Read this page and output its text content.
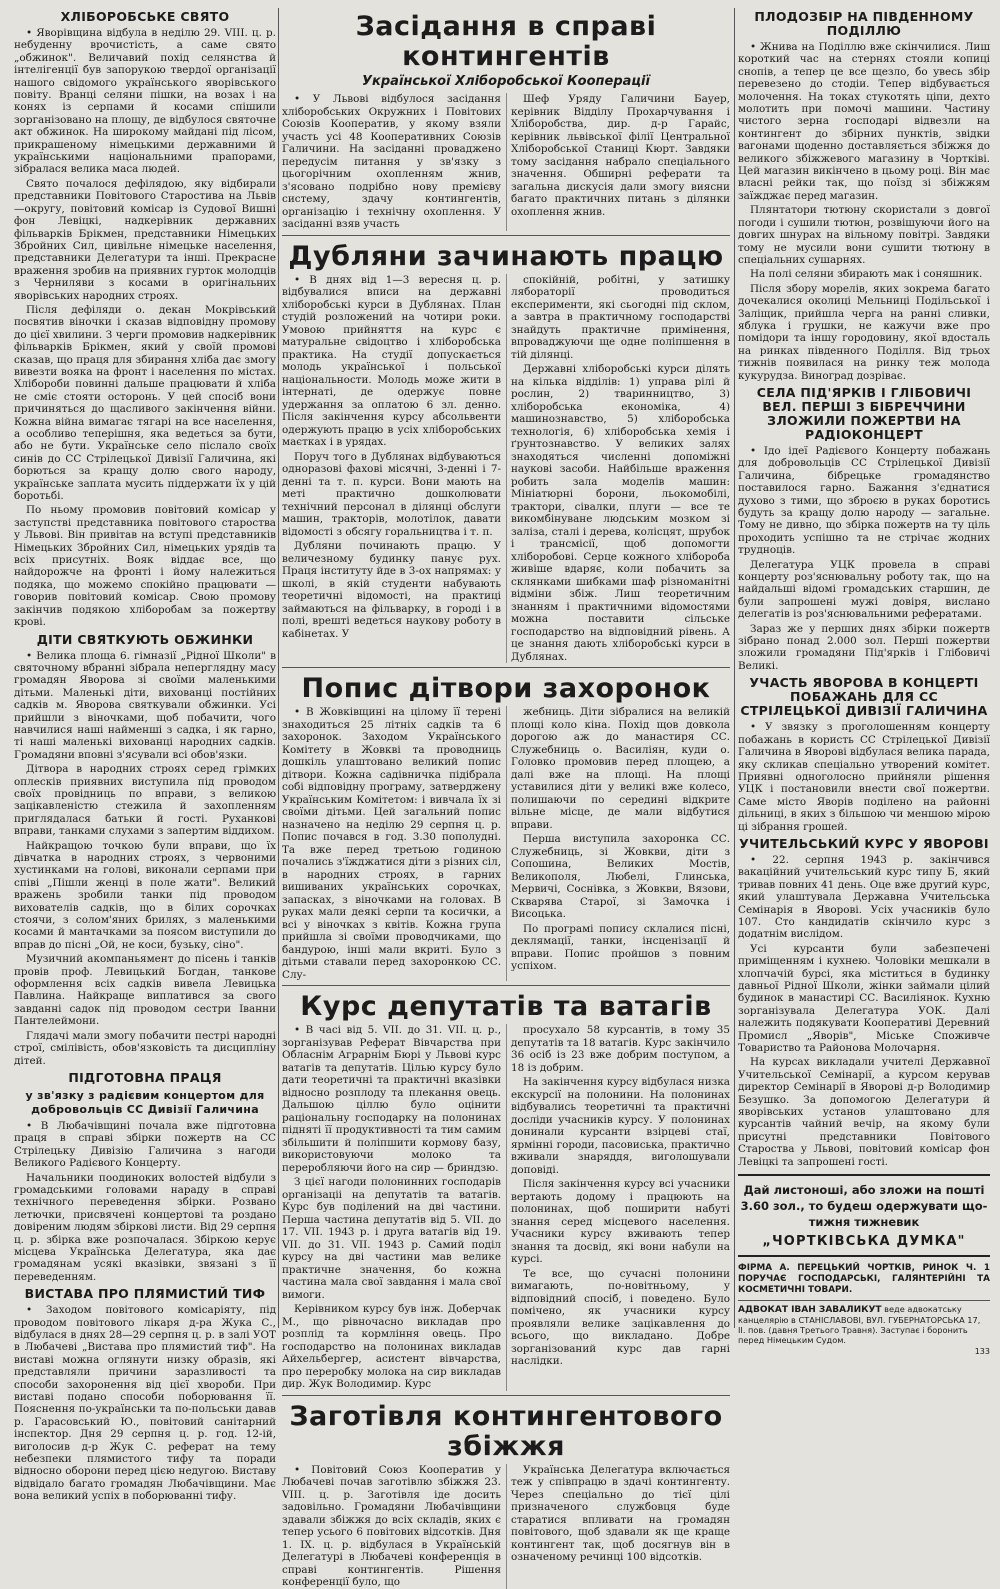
ХЛІБОРОБСЬКЕ СВЯТО

• Яворівщина відбула в неділю 29. VIII. ц. р. небуденну врочистість, а саме свято „обжинок". Величавий похід селянства й інтелігенції був запорукою твердої організації нашого свідомого українського яворівського повіту. Вранці селяни пішки, на возах і на конях із серпами й косами спішили зорганізовано на площу, де відбулося святочне акт обжинок. На широкому майдані під лісом, прикрашеному німецькими державними й українськими національними прапорами, зібралася велика маса людей.

Свято почалося дефілядою, яку відбирали представники Повітового Старостива на Львів—округу, повітовий комісар із Судової Вишні фон Левіцкі, надкерівник державних фільварків Брікмен, представники Німецьких Збройних Сил, цивільне німецьке населення, представники Делегатури та інші. Прекрасне враження зробив на приявних гурток молодців з Черниляви з косами в оригінальних яворівських народних строях.

Після дефіляди о. декан Мокрівський посвятив віночки і сказав відповідну промову до цієї хвилини. З черги промовив надкерівник фільварків Брікмен, який у своїй промові сказав, що праця для збирання хліба дає змогу вивезти вояка на фронт і населення по містах. Хлібороби повинні дальше працювати й хліба не сміє стояти осторонь. У цей спосіб вони причиняться до щасливого закінчення війни. Кожна війна вимагає тягарі на все населення, а особливо теперішня, яка ведеться за бути, або не бути. Українське село післало своїх синів до СС Стрілецької Дивізії Галичина, які борються за кращу долю свого народу, українське заплата мусить піддержати їх у цій боротьбі.

По ньому промовив повітовий комісар у заступстві представника повітового староства у Львові. Він привітав на вступі представників Німецьких Збройних Сил, німецьких урядів та всіх присутніх. Вояк віддає все, що найдорожче на фронті і йому належиться подяка, що можемо спокійно працювати — говорив повітовий комісар. Свою промову закінчив подякою хліборобам за пожертву крові.

ДІТИ СВЯТКУЮТЬ ОБЖИНКИ

• Велика площа 6. гімназії „Рідної Школи" в святочному вбранні зібрала неперглядну масу громадян Яворова зі своїми маленькими дітьми. Маленькі діти, вихованці постійних садків м. Яворова святкували обжинки. Усі прийшли з віночками, щоб побачити, чого навчилися наші найменші з садка, і як гарно, ті наші маленькі вихованці народних садків. Громадяни вповні з'ясували всі обов'язки.

Дітвора в народних строях серед грімких оплесків приявних виступила під проводом своїх провідниць по вправи, з великою зацікавленістю стежила й захопленням приглядалася батьки й гості. Руханкові вправи, танками слухами з запертим віддихом.

Найкращою точкою були вправи, що їх дівчатка в народних строях, з червоними хустинками на голові, виконали серпами при співі „Пішли женці в поле жати". Великий вражень зробили танки під проводом вихователів садків, що в білих сорочках стоячи, з солом'яних брилях, з маленькими косами й мантачками за поясом виступили до вправ до пісні „Ой, не коси, бузьку, сіно".

Музичний акомпаньямент до пісень і танків провів проф. Левицький Богдан, танкове оформлення всіх садків вивела Левицька Павлина. Найкраще виплатився за свого завданні садок під проводом сестри Іванни Пантелеймони.

Глядачі мали змогу побачити пестрі народні строї, смілівість, обов'язковість та дисципліну дітей.

ПІДГОТОВНА ПРАЦЯ
у зв'язку з радієвим концертом для добровольців СС Дивізії Галичина

• В Любачівщині почала вже підготовна праця в справі збірки пожертв на СС Стрілецьку Дивізію Галичина з нагоди Великого Радієвого Концерту.

Начальники поодиноких волостей відбули з громадськими головами нараду в справі технічного переведення збірки. Розвано летючки, присвячені концертові та роздано довіреним людям збіркові листи. Від 29 серпня ц. р. збірка вже розпочалася. Збіркою керує місцева Українська Делегатура, яка дає громадянам усякі вказівки, звязані з її переведенням.

ВИСТАВА ПРО ПЛЯМИСТИЙ ТИФ

• Заходом повітового комісаріяту, під проводом повітового лікаря д-ра Жука С., відбулася в днях 28—29 серпня ц. р. в залі УОТ в Любачеві „Вистава про плямистий тиф". На виставі можна оглянути низку образів, які представляли причини заразливості та способи захоронення від цієї хвороби. При виставі подано способи поборювання її. Пояснення по-українськи та по-польськи давав р. Гарасовський Ю., повітовий санітарний інспектор. Дня 29 серпня ц. р. год. 12-ій, виголосив д-р Жук С. реферат на тему небезпеки плямистого тифу та поради відносно оборони перед цією недугою. Виставу відвідало багато громадян Любачівщини. Має вона великий успіх в поборюванні тифу.

Засідання в справі контингентів
Української Хліборобської Кооперації

• У Львові відбулося засідання хліборобських Окружних і Повітових Союзів Кооператив, у якому взяли участь усі 48 Кооперативних Союзів Галичини. На засіданні проваджено передусім питання у зв'язку з цьогорічним охопленням жнив, з'ясовано подрібно нову премієву систему, здачу контингентів, організацію і технічну охоплення. У засіданні взяв участь

Шеф Уряду Галичини Бауер, керівник Відділу Прохарчування і Хліборобства, дир. д-р Гарайс, керівник львівської філії Центральної Хліборобської Станиці Кюрт. Завдяки тому засідання набрало спеціального значення. Обширні реферати та загальна дискусія дали змогу виясни багато практичних питань з ділянки охоплення жнив.

Дубляни зачинають працю

• В днях від 1—3 вересня ц. р. відбувалися вписи на державні хліборобські курси в Дублянах. План студій розложений на чотири роки. Умовою прийняття на курс є матуральне свідоцтво і хліборобська практика. На студії допускається молодь української і польської національности. Молодь може жити в інтернаті, де одержує повне удержання за оплатою 6 зл. денно. Після закінчення курсу абсольвенти одержують працю в усіх хліборобських маєтках і в урядах.

Поруч того в Дублянах відбуваються одноразові фахові місячні, 3-денні і 7-денні та т. п. курси. Вони мають на меті практично дошколювати технічний персонал в ділянці обслуги машин, тракторів, молотілок, давати відомості з обсягу горальництва і т. п.

Дубляни починають працю. У величезному будинку панує рух. Праця інституту йде в 3-ох напрямах: у школі, в якій студенти набувають теоретичні відомості, на практиці займаються на фільварку, в городі і в полі, врешті ведеться наукову роботу в кабінетах. У

спокійній, робітні, у затишку лябораторії проводиться експерименти, які сьогодні під склом, а завтра в практичному господарстві знайдуть практичне примінення, впроваджуючи ще одне поліпшення в тій ділянці.

Державні хліборобські курси ділять на кілька відділів: 1) управа рілі й рослин, 2) тваринництво, 3) хліборобська економіка, 4) машинознавство, 5) хліборобська технологія, 6) хліборобська хемія і ґрунтознавство. У великих залях знаходяться численні допоміжні наукові засоби. Найбільше враження робить зала моделів машин: Мініатюрні борони, льокомобілі, трактори, сівалки, плуги — все те викомбінуване людським мозком зі заліза, сталі і дерева, колісцят, шрубок і трансмісії, щоб допомогти хліборобові. Серце кожного хлібороба живіше вдаряє, коли побачить за склянками шибками шаф різноманітні відміни збіж. Лиш теоретичним знанням і практичними відомостями можна поставити сільське господарство на відповідний рівень. А це знання дають хліборобські курси в Дублянах.

Попис дітвори захоронок

• В Жовківщині на цілому її терені знаходиться 25 літніх садків та 6 захоронок. Заходом Українського Комітету в Жовкві та проводниць дошкіль улаштовано великий попис дітвори. Кожна садівничка підібрала собі відповідну програму, затверджену Українським Комітетом: і вивчала їх зі своїми дітьми. Цей загальний попис назначено на неділю 29 серпня ц. р. Попис почався в год. 3.30 пополудні. Та вже перед третьою годиною почались з'їжджатися діти з різних сіл, в народних строях, в гарних вишиваних українських сорочках, запасках, з віночками на головах. В руках мали деякі серпи та косички, а всі у віночках з квітів. Кожна група прийшла зі своїми проводчиками, що бандурою, інші мали вкриті. Було з дітьми ставали перед захоронкою СС. Слу-

жебниць. Діти зібралися на великій площі коло кіна. Похід щов довкола дорогою аж до манастиря СС. Служебниць о. Василіян, куди о. Головко промовив перед площею, а далі вже на площі. На площі уставилися діти у великі вже колесо, полишаючи по середині відкрите вільне місце, де мали відбутися вправи.

Перша виступила захоронка СС. Служебниць, зі Жовкви, діти з Сопошина, Великих Мостів, Великополя, Любелі, Глинська, Мервичі, Соснівка, з Жовкви, Вязови, Скварява Старої, зі Замочка і Висоцька.

По програмі попису склалися пісні, деклямації, танки, інсценізації й вправи. Попис пройшов з повним успіхом.

Курс депутатів та ватагів

• В часі від 5. VII. до 31. VII. ц. р., зорганізував Реферат Вівчарства при Обласнім Аграрнім Бюрі у Львові курс ватагів та депутатів. Цілью курсу було дати теоретичні та практичні вказівки відносно розплоду та плекання овець. Дальшою ціллю було оцінити раціональну господарку на полонинах підняті її продуктивності та тим самим збільшити й поліпшити кормову базу, використовуючи молоко та переробляючи його на сир — бриндзю.

З цієї нагоди полонинних господарів організаціі на депутатів та ватагів. Курс був поділений на дві частини. Перша частина депутатів від 5. VII. до 17. VII. 1943 р. і друга ватагів від 19. VII. до 31. VII. 1943 р. Самий поділ курсу на дві частини мав велике практичне значення, бо кожна частина мала свої завдання і мала свої вимоги.

Керівником курсу був інж. Доберчак М., що рівночасно викладав про розплід та кормління овець. Про господарство на полонинах викладав Айхельбергер, асистент вівчарства, про переробку молока на сир викладав дир. Жук Володимир. Курс

просухало 58 курсантів, в тому 35 депутатів та 18 ватагів. Курс закінчило 36 осіб із 23 вже добрим поступом, а 18 із добрим.

На закінчення курсу відбулася низка екскурсії на полонини. На полонинах відбувались теоретичні та практичні досліди учасників курсу. У полонинах донинали курсанти взірцеві стаї, ярмінні городи, пасовиська, практично вживали знаряддя, виголошували доповіді.

Після закінчення курсу всі учасники вертають додому і працюють на полонинах, щоб поширити набуті знання серед місцевого населення. Учасники курсу вживають тепер знання та досвід, які вони набули на курсі.

Те все, що сучасні полонини вимагають, по-новітньому, у відповідний спосіб, і поведено. Було помічено, як учасники курсу проявляли велике зацікавлення до всього, що викладано. Добре зорганізований курс дав гарні наслідки.

Заготівля контингентового збіжжя

• Повітовий Союз Кооператив у Любачеві почав заготівлю збіжжя 23. VIII. ц. р. Заготівля іде досить задовільно. Громадяни Любачівщини здавали збіжжя до всіх складів, яких є тепер усього 6 повітових відсотків. Дня 1. IX. ц. р. відбулася в Українській Делегатурі в Любачеві конференція в справі контингентів. Рішення конференції було, що

Українська Делегатура включається теж у співпрацю в здачі контингенту. Через спеціально до тієї цілі призначеного службовця буде старатися впливати на громадян повітового, щоб здавали як ще краще контингент так, щоб досягнув він в означеному речинці 100 відсотків.

ПЛОДОЗБІР НА ПІВДЕННОМУ ПОДІЛЛЮ

• Жнива на Поділлю вже скінчилися. Лиш короткий час на стернях стояли копиці снопів, а тепер це все щезло, бо увесь збір перевезено до стодіи. Тепер відбувається молочення. На токах стукотять ціпи, дехто молотить при помочі машини. Частину чистого зерна господарі відвезли на контингент до збірних пунктів, звідки вагонами щоденно доставляється збіжжя до великого збіжжевого магазину в Чортківі. Цей магазин викінчено в цьому році. Він має власні рейки так, що поїзд зі збіжжям заїжджає перед магазин.

Плянтатори тютюну скористали з довгої погоди і сушили тютюн, розвішуючи його на довгих шнурах на вільному повітрі. Завдяки тому не мусили вони сушити тютюну в спеціальних сушарнях.

На полі селяни збирають мак і соняшник.

Після збору морелів, яких зокрема багато дочекалися околиці Мельниці Подільської і Заліщик, прийшла черга на ранні сливки, яблука і грушки, не кажучи вже про помідори та іншу городовину, якої вдосталь на ринках південного Поділля. Від трьох тижнів появилася на ринку теж молода кукурудза. Виноград дозріває.

СЕЛА ПІД'ЯРКІВ І ГЛІБОВИЧІ ВЕЛ. ПЕРШІ З БІБРЕЧЧИНИ ЗЛОЖИЛИ ПОЖЕРТВИ НА РАДІОКОНЦЕРТ

• Ідо ідеї Радієвого Концерту побажань для добровольців СС Стрілецької Дивізії Галичина, бібрецьке громадянство поставилося гарно. Бажання з'єднатися духово з тими, що зброєю в руках боротись будуть за кращу долю народу — загальне. Тому не дивно, що збірка пожертв на ту ціль проходить успішно та не стрічає жодних трудноців.

Делегатура УЦК провела в справі концерту роз'яснювальну роботу так, що на найдальші відомі громадських старшин, де були запрошені мужі довіря, вислано делегатів із роз'яснювальними рефератами.

Зараз же у перших днях збірки пожертв зібрано понад 2.000 зол. Перші пожертви зложили громадяни Під'ярків і Глібовичі Великі.

УЧАСТЬ ЯВОРОВА В КОНЦЕРТІ ПОБАЖАНЬ ДЛЯ СС СТРІЛЕЦЬКОЇ ДИВІЗІЇ ГАЛИЧИНА

• У звязку з проголошенням концерту побажань в користь СС Стрілецької Дивізії Галичина в Яворові відбулася велика парада, яку скликав спеціально утворений комітет. Приявні одноголосно прийняли рішення УЦК і постановили внести свої пожертви. Саме місто Яворів поділено на районні дільниці, в яких з більшою чи меншою мірою ці зібрання грошей.

УЧИТЕЛЬСЬКИЙ КУРС У ЯВОРОВІ

• 22. серпня 1943 р. закінчився вакаційний учительський курс типу Б, який тривав повних 41 день. Оце вже другий курс, який улаштувала Державна Учительська Семінарія в Яворові. Усіх учасників було 107. Сто кандидатів скінчило курс з додатнім вислідом.

Усі курсанти були забезпечені приміщенням і кухнею. Чоловіки мешкали в хлопчачій бурсі, яка міститься в будинку давньої Рідної Школи, жінки займали цілий будинок в манастирі СС. Василіянок. Кухню зорганізувала Делегатура УОК. Далі належить подякувати Кооперативі Деревний Промисл „Яворів", Міське Споживче Товариство та Районова Молочарня.

На курсах викладали учителі Державної Учительської Семінарії, а курсом керував директор Семінарії в Яворові д-р Володимир Безушко. За допомогою Делегатури й яворівських установ улаштовано для курсантів чайний вечір, на якому були присутні представники Повітового Староства у Львові, повітовий комісар фон Левіцкі та запрошені гості.

Дай листоноші, або зложи на пошті
3.60 зол., то будеш одержувати що-
тижня тижневик
„ЧОРТКІВСЬКА ДУМКА"
ФІРМА А. ПЕРЕЦЬКИЙ ЧОРТКІВ, РИНОК Ч. 1 ПОРУЧАЄ ГОСПОДАРСЬКІ, ГАЛЯНТЕРІЙНІ ТА КОСМЕТИЧНІ ТОВАРИ.
АДВОКАТ ІВАН ЗАВАЛИКУТ веде адвокатську канцелярію в СТАНІСЛАВОВІ, ВУЛ. ГУБЕРНАТОРСЬКА 17, II. пов. (давня Третього Травня). Заступає і боронить перед Німецьким Судом.
133
